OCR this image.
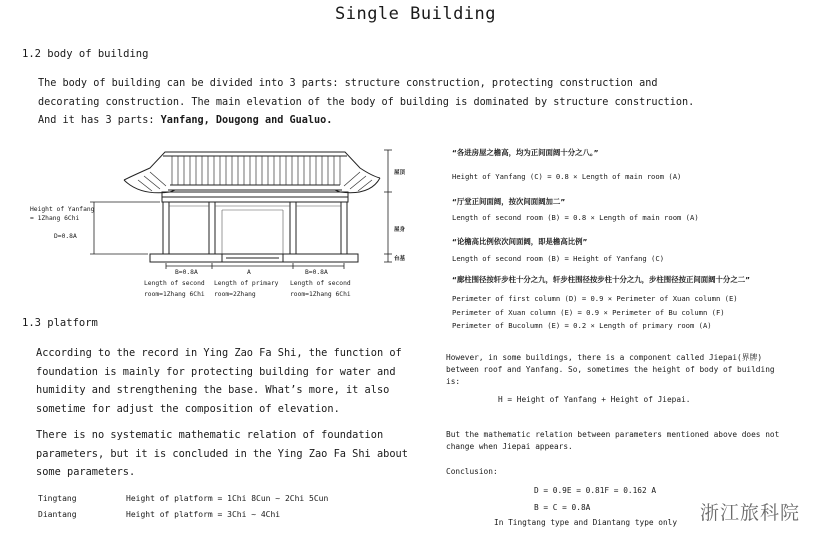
Single Building
1.2 body of building
The body of building can be divided into 3 parts: structure construction, protecting construction and
decorating construction. The main elevation of the body of building is dominated by structure construction.
And it has 3 parts: Yanfang, Dougong and Gualuo.
Height of Yanfang
= 1Zhang 6Chi
D=0.8A
B=0.8A
Length of second
room=1Zhang 6Chi
A
Length of primary
room=2Zhang
B=0.8A
Length of second
room=1Zhang 6Chi
屋顶
屋身
台基
“各进房屋之檐高，均为正间面阔十分之八。”
Height of Yanfang (C) = 0.8 × Length of main room (A)
“厅堂正间面阔，按次间面阔加二”
Length of second room (B) = 0.8 × Length of main room (A)
“论檐高比例依次间面阔，即是檐高比例”
Length of second room (B) = Height of Yanfang (C)
“廊柱围径按轩步柱十分之九，轩步柱围径按步柱十分之九，步柱围径按正间面阔十分之二”
Perimeter of first column (D) = 0.9 × Perimeter of Xuan column (E)
Perimeter of Xuan column (E) = 0.9 × Perimeter of Bu column (F)
Perimeter of Bucolumn (E) = 0.2 × Length of primary room (A)
1.3 platform
According to the record in Ying Zao Fa Shi, the function of
foundation is mainly for protecting building for water and
humidity and strengthening the base. What’s more, it also
sometime for adjust the composition of elevation.
There is no systematic mathematic relation of foundation
parameters, but it is concluded in the Ying Zao Fa Shi about
some parameters.
Tingtang	Height of platform = 1Chi 8Cun ~ 2Chi 5Cun
Diantang	Height of platform = 3Chi ~ 4Chi
However, in some buildings, there is a component called Jiepai(界牌)
between roof and Yanfang. So, sometimes the height of body of building
is:
H = Height of Yanfang + Height of Jiepai.
But the mathematic relation between parameters mentioned above does not
change when Jiepai appears.
Conclusion:
D = 0.9E = 0.81F = 0.162 A
B = C = 0.8A
In Tingtang type and Diantang type only 浙江旅科院
